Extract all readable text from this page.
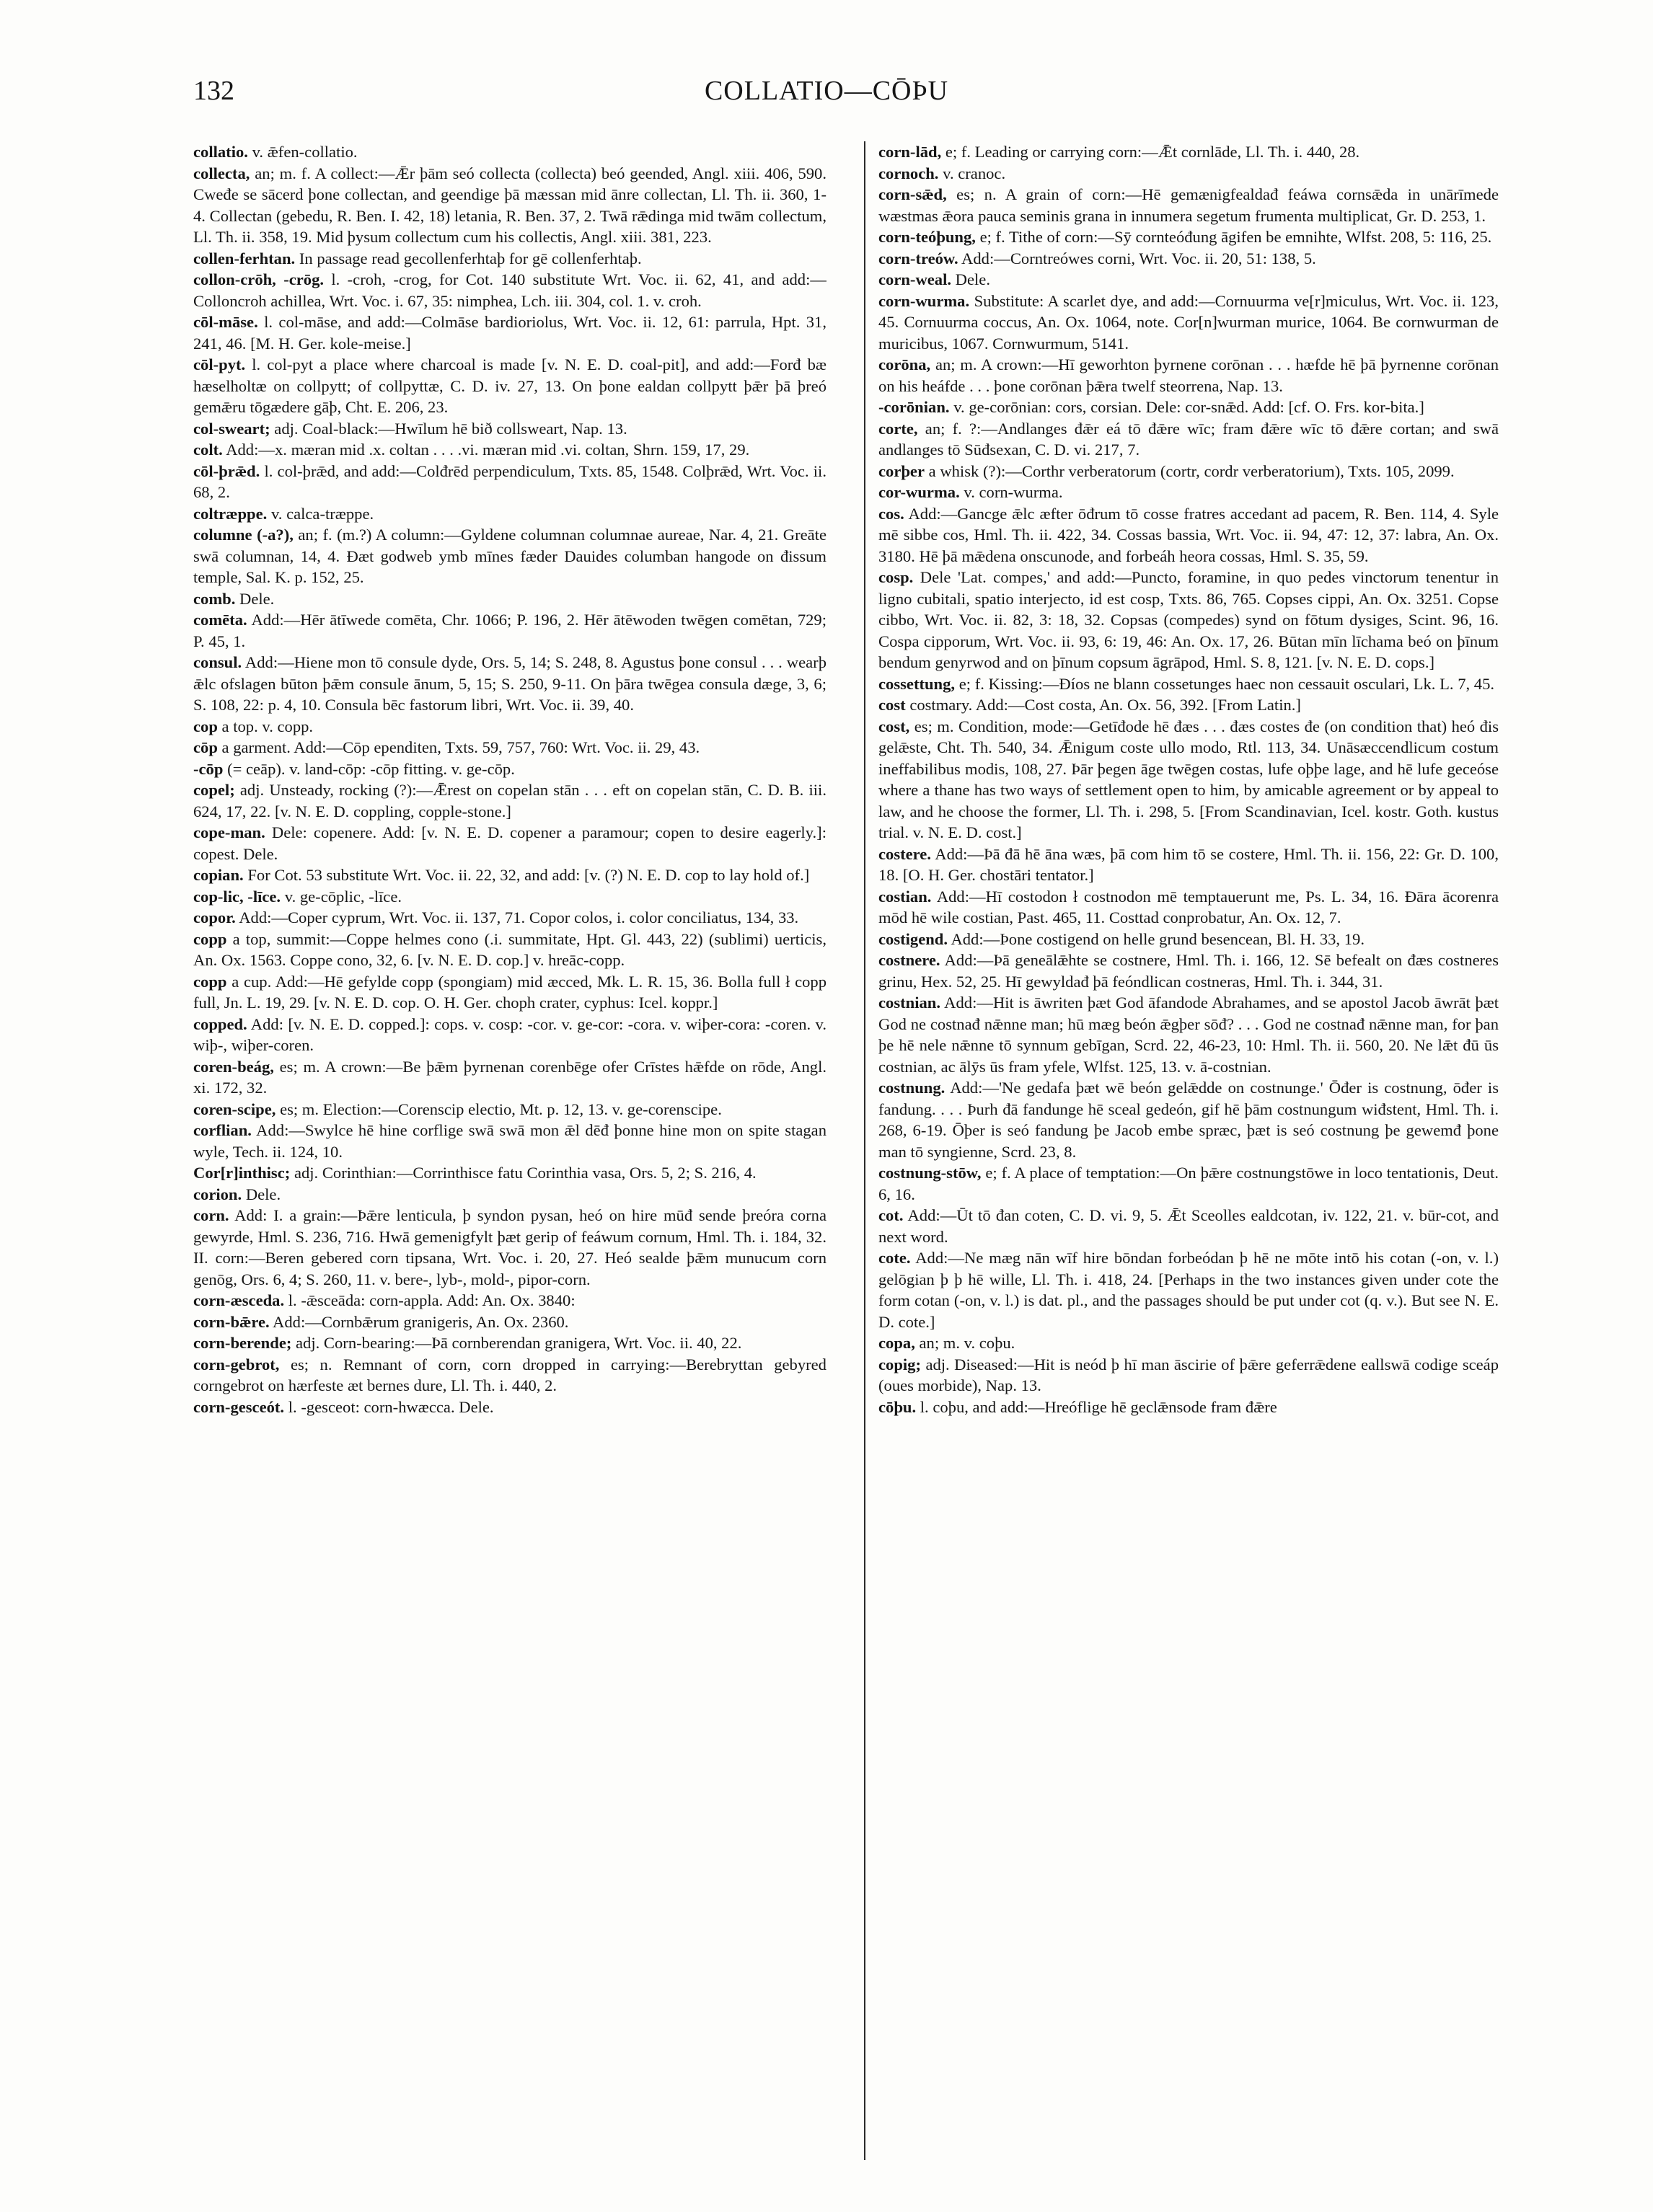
132	COLLATIO—CŌÞU

collatio. v. ǣfen-collatio.

collecta, an; m. f. A collect:—Ǣr þām seó collecta (collecta) beó geended, Angl. xiii. 406, 590. Cweđe se sācerd þone collectan, and geendige þā mæssan mid ānre collectan, Ll. Th. ii. 360, 1-4. Collectan (gebedu, R. Ben. I. 42, 18) letania, R. Ben. 37, 2. Twā rǣdinga mid twām collectum, Ll. Th. ii. 358, 19. Mid þysum collectum cum his collectis, Angl. xiii. 381, 223.

collen-ferhtan. In passage read gecollenferhtaþ for gē collenferhtaþ.

collon-crōh, -crōg. l. -croh, -crog, for Cot. 140 substitute Wrt. Voc. ii. 62, 41, and add:—Colloncroh achillea, Wrt. Voc. i. 67, 35: nimphea, Lch. iii. 304, col. 1. v. croh.

cōl-māse. l. col-māse, and add:—Colmāse bardioriolus, Wrt. Voc. ii. 12, 61: parrula, Hpt. 31, 241, 46. [M. H. Ger. kole-meise.]

cōl-pyt. l. col-pyt a place where charcoal is made [v. N. E. D. coal-pit], and add:—Forđ bæ hæselholtæ on collpytt; of collpyttæ, C. D. iv. 27, 13. On þone ealdan collpytt þǣr þā þreó gemǣru tōgædere gāþ, Cht. E. 206, 23.

col-sweart; adj. Coal-black:—Hwīlum hē bið collsweart, Nap. 13.

colt. Add:—x. mæran mid .x. coltan . . . .vi. mæran mid .vi. coltan, Shrn. 159, 17, 29.

cōl-þrǣd. l. col-þrǣd, and add:—Colđrēd perpendiculum, Txts. 85, 1548. Colþrǣd, Wrt. Voc. ii. 68, 2.

coltræppe. v. calca-træppe.

columne (-a?), an; f. (m.?) A column:—Gyldene columnan columnae aureae, Nar. 4, 21. Greāte swā columnan, 14, 4. Đæt godweb ymb mīnes fæder Dauides columban hangode on đissum temple, Sal. K. p. 152, 25.

comb. Dele.

comēta. Add:—Hēr ātīwede comēta, Chr. 1066; P. 196, 2. Hēr ātēwoden twēgen comētan, 729; P. 45, 1.

consul. Add:—Hiene mon tō consule dyde, Ors. 5, 14; S. 248, 8. Agustus þone consul . . . wearþ ǣlc ofslagen būton þǣm consule ānum, 5, 15; S. 250, 9-11. On þāra twēgea consula dæge, 3, 6; S. 108, 22: p. 4, 10. Consula bēc fastorum libri, Wrt. Voc. ii. 39, 40.

cop a top. v. copp.

cōp a garment. Add:—Cōp ependiten, Txts. 59, 757, 760: Wrt. Voc. ii. 29, 43.

-cōp (= ceāp). v. land-cōp: -cōp fitting. v. ge-cōp.

copel; adj. Unsteady, rocking (?):—Ǣrest on copelan stān . . . eft on copelan stān, C. D. B. iii. 624, 17, 22. [v. N. E. D. coppling, copple-stone.]

cope-man. Dele: copenere. Add: [v. N. E. D. copener a paramour; copen to desire eagerly.]: copest. Dele.

copian. For Cot. 53 substitute Wrt. Voc. ii. 22, 32, and add: [v. (?) N. E. D. cop to lay hold of.]

cop-lic, -līce. v. ge-cōplic, -līce.

copor. Add:—Coper cyprum, Wrt. Voc. ii. 137, 71. Copor colos, i. color conciliatus, 134, 33.

copp a top, summit:—Coppe helmes cono (.i. summitate, Hpt. Gl. 443, 22) (sublimi) uerticis, An. Ox. 1563. Coppe cono, 32, 6. [v. N. E. D. cop.] v. hreāc-copp.

copp a cup. Add:—Hē gefylde copp (spongiam) mid æcced, Mk. L. R. 15, 36. Bolla full ł copp full, Jn. L. 19, 29. [v. N. E. D. cop. O. H. Ger. choph crater, cyphus: Icel. koppr.]

copped. Add: [v. N. E. D. copped.]: cops. v. cosp: -cor. v. ge-cor: -cora. v. wiþer-cora: -coren. v. wiþ-, wiþer-coren.

coren-beág, es; m. A crown:—Be þǣm þyrnenan corenbēge ofer Crīstes hǣfde on rōde, Angl. xi. 172, 32.

coren-scipe, es; m. Election:—Corenscip electio, Mt. p. 12, 13. v. ge-corenscipe.

corflian. Add:—Swylce hē hine corflige swā swā mon ǣl dēđ þonne hine mon on spite stagan wyle, Tech. ii. 124, 10.

Cor[r]inthisc; adj. Corinthian:—Corrinthisce fatu Corinthia vasa, Ors. 5, 2; S. 216, 4.

corion. Dele.

corn. Add: I. a grain:—Þǣre lenticula, þ syndon pysan, heó on hire mūđ sende þreóra corna gewyrde, Hml. S. 236, 716. Hwā gemenigfylt þæt gerip of feáwum cornum, Hml. Th. i. 184, 32. II. corn:—Beren gebered corn tipsana, Wrt. Voc. i. 20, 27. Heó sealde þǣm munucum corn genōg, Ors. 6, 4; S. 260, 11. v. bere-, lyb-, mold-, pipor-corn.

corn-æsceda. l. -ǣsceāda: corn-appla. Add: An. Ox. 3840:

corn-bǣre. Add:—Cornbǣrum granigeris, An. Ox. 2360.

corn-berende; adj. Corn-bearing:—Þā cornberendan granigera, Wrt. Voc. ii. 40, 22.

corn-gebrot, es; n. Remnant of corn, corn dropped in carrying:—Berebryttan gebyred corngebrot on hærfeste æt bernes dure, Ll. Th. i. 440, 2.

corn-gesceót. l. -gesceot: corn-hwæcca. Dele.

corn-lād, e; f. Leading or carrying corn:—Ǣt cornlāde, Ll. Th. i. 440, 28.

cornoch. v. cranoc.

corn-sǣd, es; n. A grain of corn:—Hē gemænigfealdađ feáwa cornsǣda in unārīmede wæstmas ǣora pauca seminis grana in innumera segetum frumenta multiplicat, Gr. D. 253, 1.

corn-teóþung, e; f. Tithe of corn:—Sȳ cornteóđung āgifen be emnihte, Wlfst. 208, 5: 116, 25.

corn-treów. Add:—Corntreówes corni, Wrt. Voc. ii. 20, 51: 138, 5.

corn-weal. Dele.

corn-wurma. Substitute: A scarlet dye, and add:—Cornuurma ve[r]miculus, Wrt. Voc. ii. 123, 45. Cornuurma coccus, An. Ox. 1064, note. Cor[n]wurman murice, 1064. Be cornwurman de muricibus, 1067. Cornwurmum, 5141.

corōna, an; m. A crown:—Hī geworhton þyrnene corōnan . . . hæfde hē þā þyrnenne corōnan on his heáfde . . . þone corōnan þǣra twelf steorrena, Nap. 13.

-corōnian. v. ge-corōnian: cors, corsian. Dele: cor-snǣd. Add: [cf. O. Frs. kor-bita.]

corte, an; f. ?:—Andlanges đǣr eá tō đǣre wīc; fram đǣre wīc tō đǣre cortan; and swā andlanges tō Sūđsexan, C. D. vi. 217, 7.

corþer a whisk (?):—Corthr verberatorum (cortr, cordr verberatorium), Txts. 105, 2099.

cor-wurma. v. corn-wurma.

cos. Add:—Gancge ǣlc æfter ōđrum tō cosse fratres accedant ad pacem, R. Ben. 114, 4. Syle mē sibbe cos, Hml. Th. ii. 422, 34. Cossas bassia, Wrt. Voc. ii. 94, 47: 12, 37: labra, An. Ox. 3180. Hē þā mǣdena onscunode, and forbeáh heora cossas, Hml. S. 35, 59.

cosp. Dele 'Lat. compes,' and add:—Puncto, foramine, in quo pedes vinctorum tenentur in ligno cubitali, spatio interjecto, id est cosp, Txts. 86, 765. Copses cippi, An. Ox. 3251. Copse cibbo, Wrt. Voc. ii. 82, 3: 18, 32. Copsas (compedes) synd on fōtum dysiges, Scint. 96, 16. Cospa cipporum, Wrt. Voc. ii. 93, 6: 19, 46: An. Ox. 17, 26. Būtan mīn līchama beó on þīnum bendum genyrwod and on þīnum copsum āgrāpod, Hml. S. 8, 121. [v. N. E. D. cops.]

cossettung, e; f. Kissing:—Đíos ne blann cossetunges haec non cessauit osculari, Lk. L. 7, 45.

cost costmary. Add:—Cost costa, An. Ox. 56, 392. [From Latin.]

cost, es; m. Condition, mode:—Getīđode hē đæs . . . đæs costes đe (on condition that) heó đis gelǣste, Cht. Th. 540, 34. Ǣnigum coste ullo modo, Rtl. 113, 34. Unāsæccendlicum costum ineffabilibus modis, 108, 27. Þār þegen āge twēgen costas, lufe oþþe lage, and hē lufe geceóse where a thane has two ways of settlement open to him, by amicable agreement or by appeal to law, and he choose the former, Ll. Th. i. 298, 5. [From Scandinavian, Icel. kostr. Goth. kustus trial. v. N. E. D. cost.]

costere. Add:—Þā đā hē āna wæs, þā com him tō se costere, Hml. Th. ii. 156, 22: Gr. D. 100, 18. [O. H. Ger. chostāri tentator.]

costian. Add:—Hī costodon ł costnodon mē temptauerunt me, Ps. L. 34, 16. Đāra ācorenra mōd hē wile costian, Past. 465, 11. Costtad conprobatur, An. Ox. 12, 7.

costigend. Add:—Þone costigend on helle grund besencean, Bl. H. 33, 19.

costnere. Add:—Þā geneālǣhte se costnere, Hml. Th. i. 166, 12. Sē befealt on đæs costneres grinu, Hex. 52, 25. Hī gewyldađ þā feóndlican costneras, Hml. Th. i. 344, 31.

costnian. Add:—Hit is āwriten þæt God āfandode Abrahames, and se apostol Jacob āwrāt þæt God ne costnađ nǣnne man; hū mæg beón ǣgþer sōđ? . . . God ne costnađ nǣnne man, for þan þe hē nele nǣnne tō synnum gebīgan, Scrd. 22, 46-23, 10: Hml. Th. ii. 560, 20. Ne lǣt đū ūs costnian, ac ālȳs ūs fram yfele, Wlfst. 125, 13. v. ā-costnian.

costnung. Add:—'Ne gedafa þæt wē beón gelǣdde on costnunge.' Ōđer is costnung, ōđer is fandung. . . . Þurh đā fandunge hē sceal gedeón, gif hē þām costnungum wiđstent, Hml. Th. i. 268, 6-19. Ōþer is seó fandung þe Jacob embe spræc, þæt is seó costnung þe gewemđ þone man tō syngienne, Scrd. 23, 8.

costnung-stōw, e; f. A place of temptation:—On þǣre costnungstōwe in loco tentationis, Deut. 6, 16.

cot. Add:—Ūt tō đan coten, C. D. vi. 9, 5. Ǣt Sceolles ealdcotan, iv. 122, 21. v. būr-cot, and next word.

cote. Add:—Ne mæg nān wīf hire bōndan forbeódan þ hē ne mōte intō his cotan (-on, v. l.) gelōgian þ þ hē wille, Ll. Th. i. 418, 24. [Perhaps in the two instances given under cote the form cotan (-on, v. l.) is dat. pl., and the passages should be put under cot (q. v.). But see N. E. D. cote.]

copa, an; m. v. coþu.

copig; adj. Diseased:—Hit is neód þ hī man āscirie of þǣre geferrǣdene eallswā codige sceáp (oues morbide), Nap. 13.

cōþu. l. coþu, and add:—Hreóflige hē geclǣnsode fram đǣre
